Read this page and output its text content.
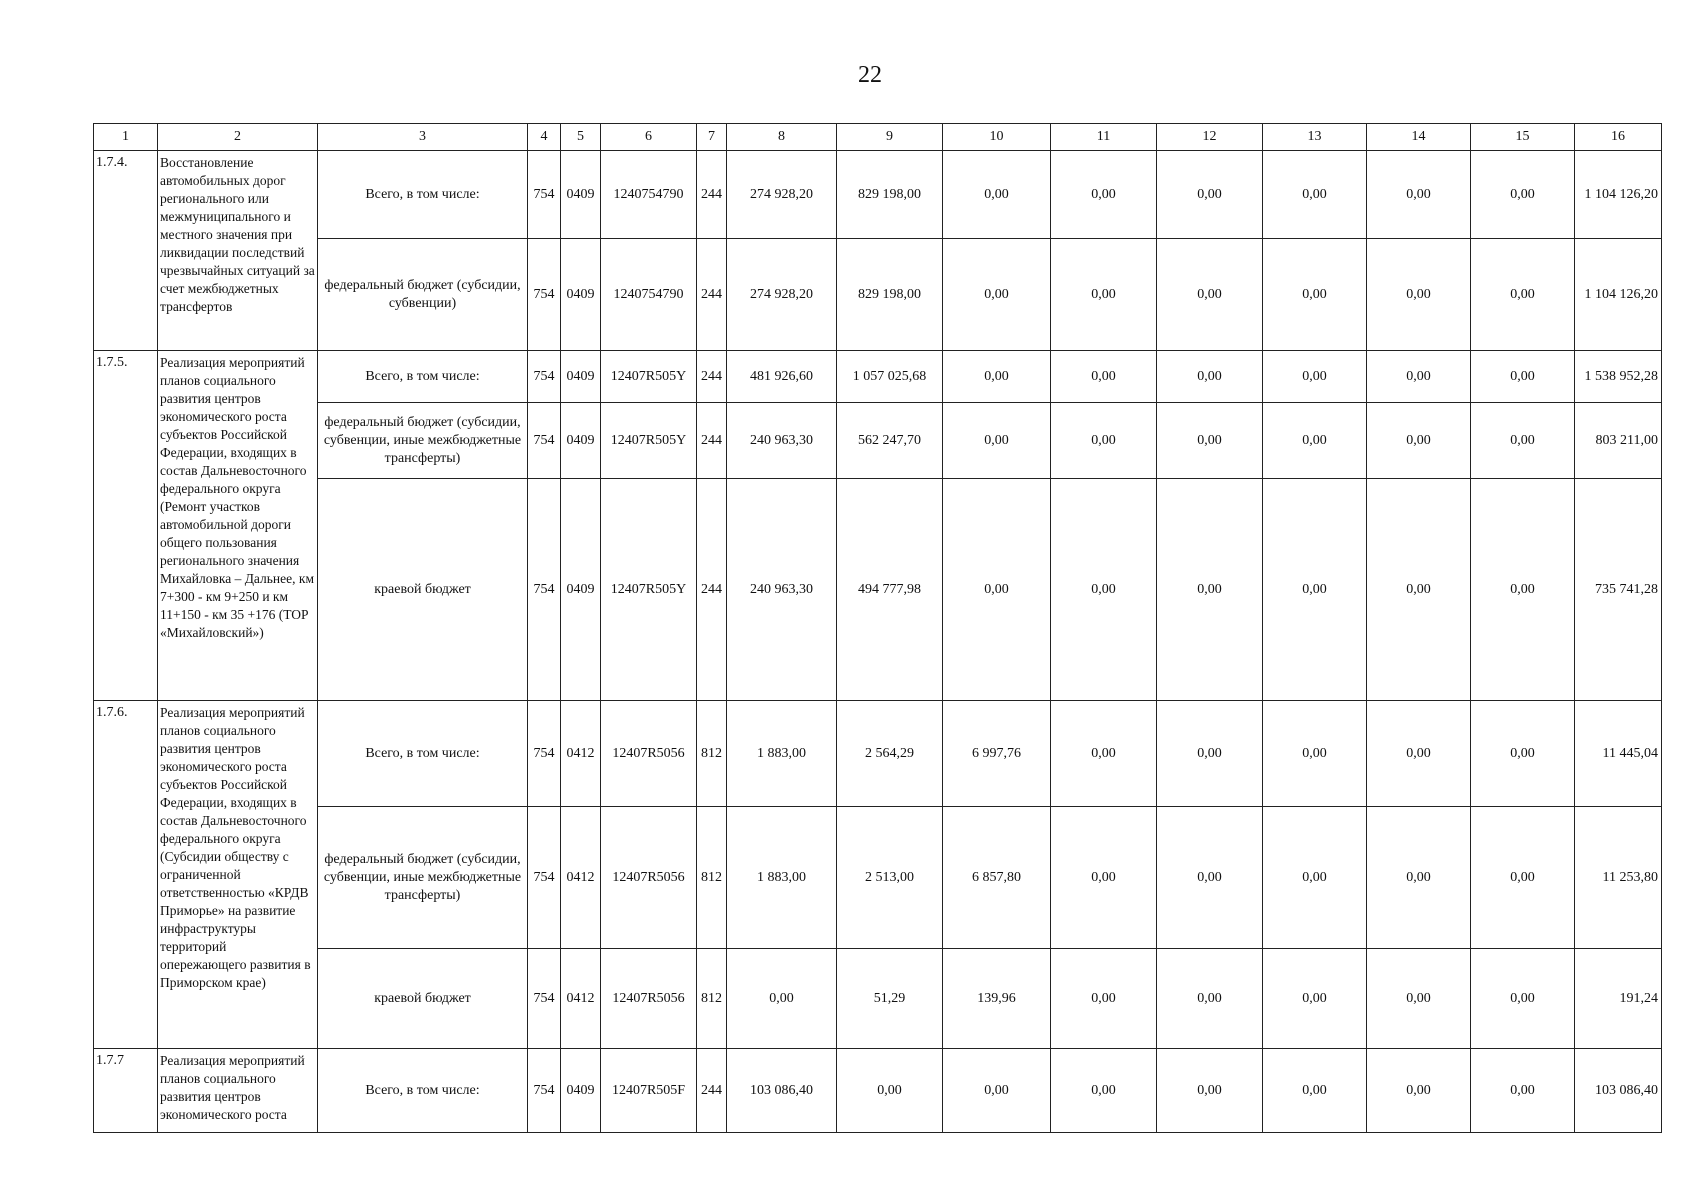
22
1	2	3	4	5	6	7	8	9	10	11	12	13	14	15	16
1.7.4.	Восстановление автомобильных дорог регионального или межмуниципального и местного значения при ликвидации последствий чрезвычайных ситуаций за счет межбюджетных трансфертов	Всего, в том числе:	754	0409	1240754790	244	274 928,20	829 198,00	0,00	0,00	0,00	0,00	0,00	0,00	1 104 126,20
		федеральный бюджет (субсидии, субвенции)	754	0409	1240754790	244	274 928,20	829 198,00	0,00	0,00	0,00	0,00	0,00	0,00	1 104 126,20
1.7.5.	Реализация мероприятий планов социального развития центров экономического роста субъектов Российской Федерации, входящих в состав Дальневосточного федерального округа (Ремонт участков автомобильной дороги общего пользования регионального значения Михайловка – Дальнее, км 7+300 - км 9+250 и км 11+150 - км 35 +176 (ТОР «Михайловский»)	Всего, в том числе:	754	0409	12407R505Y	244	481 926,60	1 057 025,68	0,00	0,00	0,00	0,00	0,00	0,00	1 538 952,28
		федеральный бюджет (субсидии, субвенции, иные межбюджетные трансферты)	754	0409	12407R505Y	244	240 963,30	562 247,70	0,00	0,00	0,00	0,00	0,00	0,00	803 211,00
		краевой бюджет	754	0409	12407R505Y	244	240 963,30	494 777,98	0,00	0,00	0,00	0,00	0,00	0,00	735 741,28
1.7.6.	Реализация мероприятий планов социального развития центров экономического роста субъектов Российской Федерации, входящих в состав Дальневосточного федерального округа (Субсидии обществу с ограниченной ответственностью «КРДВ Приморье» на развитие инфраструктуры территорий опережающего развития в Приморском крае)	Всего, в том числе:	754	0412	12407R5056	812	1 883,00	2 564,29	6 997,76	0,00	0,00	0,00	0,00	0,00	11 445,04
		федеральный бюджет (субсидии, субвенции, иные межбюджетные трансферты)	754	0412	12407R5056	812	1 883,00	2 513,00	6 857,80	0,00	0,00	0,00	0,00	0,00	11 253,80
		краевой бюджет	754	0412	12407R5056	812	0,00	51,29	139,96	0,00	0,00	0,00	0,00	0,00	191,24
1.7.7	Реализация мероприятий планов социального развития центров экономического роста	Всего, в том числе:	754	0409	12407R505F	244	103 086,40	0,00	0,00	0,00	0,00	0,00	0,00	0,00	103 086,40
